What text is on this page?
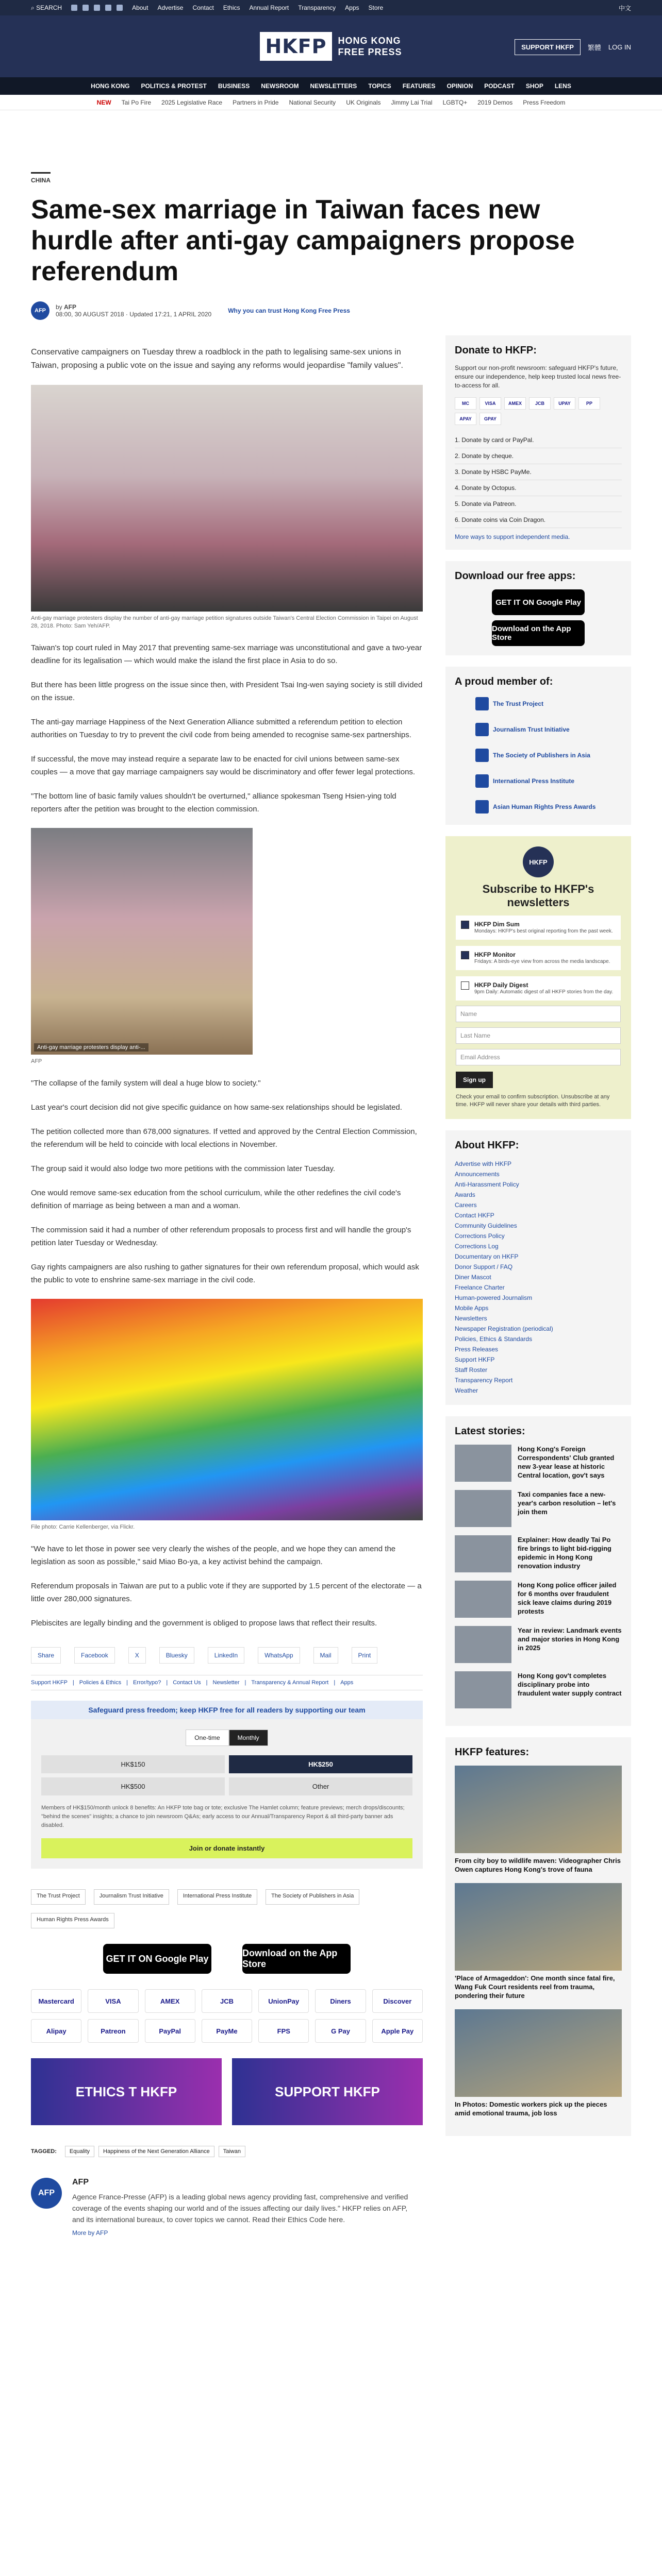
⌕ SEARCH	About Advertise Contact Ethics Annual Report Transparency Apps Store	中文
HKFP	HONG KONG
FREE PRESS	SUPPORT HKFP	繁體 LOG IN
HONG KONG POLITICS & PROTEST BUSINESS NEWSROOM NEWSLETTERS TOPICS FEATURES OPINION PODCAST SHOP LENS
NEW Tai Po Fire 2025 Legislative Race Partners in Pride National Security UK Originals Jimmy Lai Trial LGBTQ+ 2019 Demos Press Freedom
CHINA
Same-sex marriage in Taiwan faces new hurdle after anti-gay campaigners propose referendum
AFP	by AFP
08:00, 30 AUGUST 2018 · Updated 17:21, 1 APRIL 2020	Why you can trust Hong Kong Free Press

Conservative campaigners on Tuesday threw a roadblock in the path to legalising same-sex unions in Taiwan, proposing a public vote on the issue and saying any reforms would jeopardise "family values".

Anti-gay marriage protesters display the number of anti-gay marriage petition signatures outside Taiwan's Central Election Commission in Taipei on August 28, 2018. Photo: Sam Yeh/AFP.

Taiwan's top court ruled in May 2017 that preventing same-sex marriage was unconstitutional and gave a two-year deadline for its legalisation — which would make the island the first place in Asia to do so.

But there has been little progress on the issue since then, with President Tsai Ing-wen saying society is still divided on the issue.

The anti-gay marriage Happiness of the Next Generation Alliance submitted a referendum petition to election authorities on Tuesday to try to prevent the civil code from being amended to recognise same-sex partnerships.

If successful, the move may instead require a separate law to be enacted for civil unions between same-sex couples — a move that gay marriage campaigners say would be discriminatory and offer fewer legal protections.

"The bottom line of basic family values shouldn't be overturned," alliance spokesman Tseng Hsien-ying told reporters after the petition was brought to the election commission.

Anti-gay marriage protesters display anti-...
AFP

"The collapse of the family system will deal a huge blow to society."

Last year's court decision did not give specific guidance on how same-sex relationships should be legislated.

The petition collected more than 678,000 signatures. If vetted and approved by the Central Election Commission, the referendum will be held to coincide with local elections in November.

The group said it would also lodge two more petitions with the commission later Tuesday.

One would remove same-sex education from the school curriculum, while the other redefines the civil code's definition of marriage as being between a man and a woman.

The commission said it had a number of other referendum proposals to process first and will handle the group's petition later Tuesday or Wednesday.

Gay rights campaigners are also rushing to gather signatures for their own referendum proposal, which would ask the public to vote to enshrine same-sex marriage in the civil code.

File photo: Carrie Kellenberger, via Flickr.

"We have to let those in power see very clearly the wishes of the people, and we hope they can amend the legislation as soon as possible," said Miao Bo-ya, a key activist behind the campaign.

Referendum proposals in Taiwan are put to a public vote if they are supported by 1.5 percent of the electorate — a little over 280,000 signatures.

Plebiscites are legally binding and the government is obliged to propose laws that reflect their results.

Share	Facebook	X	Bluesky	LinkedIn	WhatsApp	Mail	Print
Support HKFP | Policies & Ethics | Error/typo? | Contact Us | Newsletter | Transparency & Annual Report | Apps
Safeguard press freedom; keep HKFP free for all readers by supporting our team
One-time	Monthly
HK$150	HK$250
HK$500	Other
Members of HK$150/month unlock 8 benefits: An HKFP tote bag or tote; exclusive The Hamlet column; feature previews; merch drops/discounts; "behind the scenes" insights; a chance to join newsroom Q&As; early access to our Annual/Transparency Report & all third-party banner ads disabled.
Join or donate instantly
The Trust Project	Journalism Trust Initiative	International Press Institute	The Society of Publishers in Asia
Human Rights Press Awards
GET IT ON Google Play
Download on the App Store
Mastercard	VISA	AMEX	JCB	UnionPay	Diners	Discover
Alipay	Patreon	PayPal	PayMe	FPS	G Pay	Apple Pay
ETHICS T HKFP	SUPPORT HKFP
TAGGED:	Equality	Happiness of the Next Generation Alliance	Taiwan
AFP
AFP
Agence France-Presse (AFP) is a leading global news agency providing fast, comprehensive and verified coverage of the events shaping our world and of the issues affecting our daily lives." HKFP relies on AFP, and its international bureaux, to cover topics we cannot. Read their Ethics Code here.
More by AFP
Donate to HKFP:
Support our non-profit newsroom: safeguard HKFP's future, ensure our independence, help keep trusted local news free-to-access for all.
MC	VISA	AMEX	JCB	UPAY	PP
APAY	GPAY
1. Donate by card or PayPal.
2. Donate by cheque.
3. Donate by HSBC PayMe.
4. Donate by Octopus.
5. Donate via Patreon.
6. Donate coins via Coin Dragon.
More ways to support independent media.
Download our free apps:
GET IT ON Google Play
Download on the App Store
A proud member of:
The Trust Project
Journalism Trust Initiative
The Society of Publishers in Asia
International Press Institute
Asian Human Rights Press Awards
HKFP
Subscribe to HKFP's newsletters
HKFP Dim Sum
Mondays: HKFP's best original reporting from the past week.
HKFP Monitor
Fridays: A birds-eye view from across the media landscape.
HKFP Daily Digest
9pm Daily: Automatic digest of all HKFP stories from the day.
Name
Last Name
Email Address
Sign up
Check your email to confirm subscription. Unsubscribe at any time. HKFP will never share your details with third parties.
About HKFP:
Advertise with HKFP
Announcements
Anti-Harassment Policy
Awards
Careers
Contact HKFP
Community Guidelines
Corrections Policy
Corrections Log
Documentary on HKFP
Donor Support / FAQ
Diner Mascot
Freelance Charter
Human-powered Journalism
Mobile Apps
Newsletters
Newspaper Registration (periodical)
Policies, Ethics & Standards
Press Releases
Support HKFP
Staff Roster
Transparency Report
Weather
Latest stories:
Hong Kong's Foreign Correspondents' Club granted new 3-year lease at historic Central location, gov't says
Taxi companies face a new-year's carbon resolution – let's join them
Explainer: How deadly Tai Po fire brings to light bid-rigging epidemic in Hong Kong renovation industry
Hong Kong police officer jailed for 6 months over fraudulent sick leave claims during 2019 protests
Year in review: Landmark events and major stories in Hong Kong in 2025
Hong Kong gov't completes disciplinary probe into fraudulent water supply contract
HKFP features:
From city boy to wildlife maven: Videographer Chris Owen captures Hong Kong's trove of fauna
'Place of Armageddon': One month since fatal fire, Wang Fuk Court residents reel from trauma, pondering their future
In Photos: Domestic workers pick up the pieces amid emotional trauma, job loss
